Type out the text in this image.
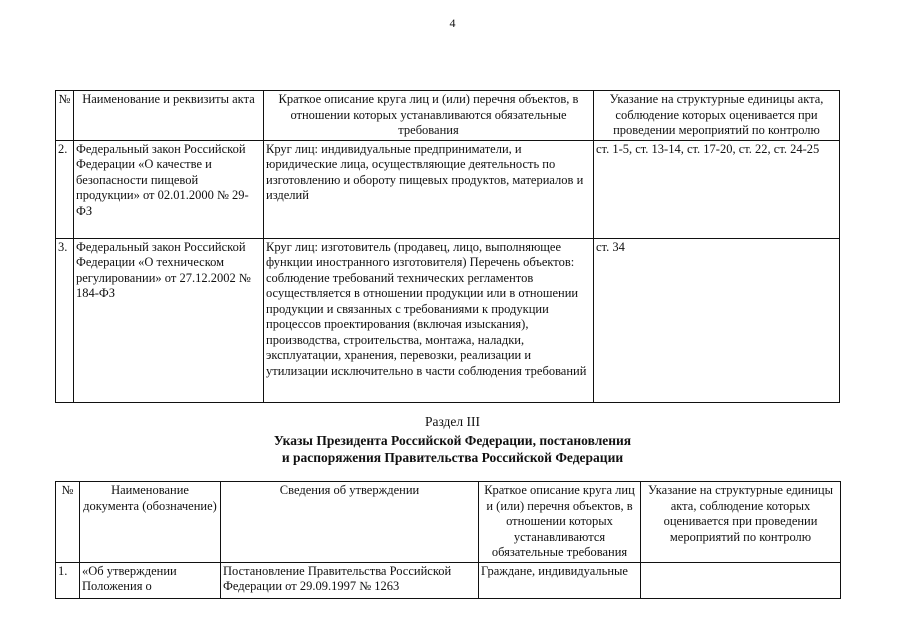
4
№	Наименование и реквизиты акта	Краткое описание круга лиц и (или) перечня объектов, в отношении которых устанавливаются обязательные требования	Указание на структурные единицы акта, соблюдение которых оценивается при проведении мероприятий по контролю
2.	Федеральный закон Российской Федерации «О качестве и безопасности пищевой продукции» от 02.01.2000 № 29-ФЗ	Круг лиц: индивидуальные предприниматели, и юридические лица, осуществляющие деятельность по изготовлению и обороту пищевых продуктов, материалов и изделий	ст. 1-5, ст. 13-14, ст. 17-20, ст. 22, ст. 24-25
3.	Федеральный закон Российской Федерации «О техническом регулировании» от 27.12.2002 № 184-ФЗ	Круг лиц: изготовитель (продавец, лицо, выполняющее функции иностранного изготовителя) Перечень объектов: соблюдение требований технических регламентов осуществляется в отношении продукции или в отношении продукции и связанных с требованиями к продукции процессов проектирования (включая изыскания), производства, строительства, монтажа, наладки, эксплуатации, хранения, перевозки, реализации и утилизации исключительно в части соблюдения требований	ст. 34
Раздел III
Указы Президента Российской Федерации, постановления
и распоряжения Правительства Российской Федерации
№	Наименование документа (обозначение)	Сведения об утверждении	Краткое описание круга лиц и (или) перечня объектов, в отношении которых устанавливаются обязательные требования	Указание на структурные единицы акта, соблюдение которых оценивается при проведении мероприятий по контролю
1.	«Об утверждении Положения о	Постановление Правительства Российской Федерации от 29.09.1997 № 1263	Граждане, индивидуальные	
